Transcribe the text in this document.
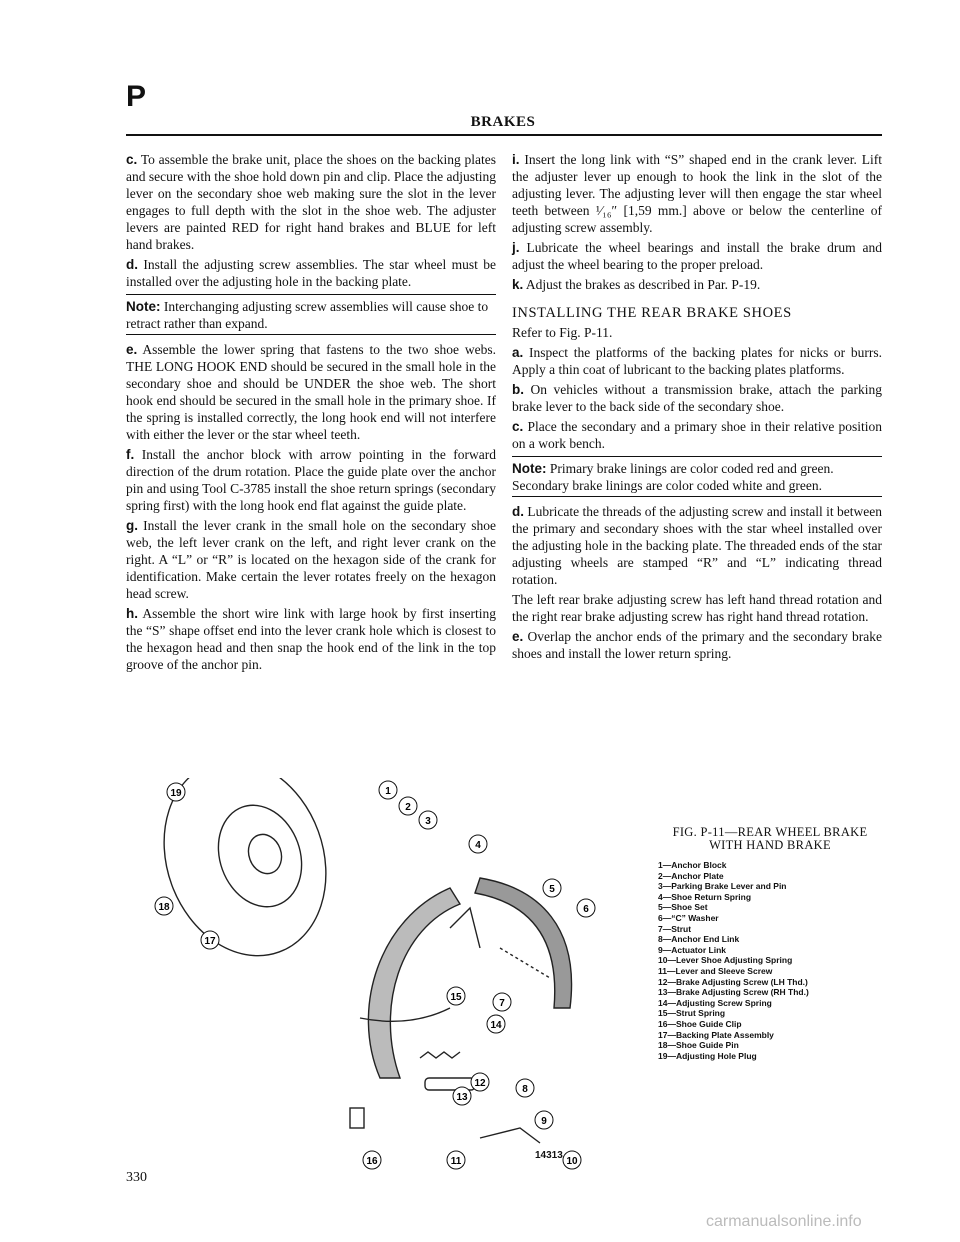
P
BRAKES

c. To assemble the brake unit, place the shoes on the backing plates and secure with the shoe hold down pin and clip. Place the adjusting lever on the secondary shoe web making sure the slot in the lever engages to full depth with the slot in the shoe web. The adjuster levers are painted RED for right hand brakes and BLUE for left hand brakes.

d. Install the adjusting screw assemblies. The star wheel must be installed over the adjusting hole in the backing plate.

Note: Interchanging adjusting screw assemblies will cause shoe to retract rather than expand.

e. Assemble the lower spring that fastens to the two shoe webs. THE LONG HOOK END should be secured in the small hole in the secondary shoe and should be UNDER the shoe web. The short hook end should be secured in the small hole in the primary shoe. If the spring is installed correctly, the long hook end will not interfere with either the lever or the star wheel teeth.

f. Install the anchor block with arrow pointing in the forward direction of the drum rotation. Place the guide plate over the anchor pin and using Tool C-3785 install the shoe return springs (secondary spring first) with the long hook end flat against the guide plate.

g. Install the lever crank in the small hole on the secondary shoe web, the left lever crank on the left, and right lever crank on the right. A “L” or “R” is located on the hexagon side of the crank for identification. Make certain the lever rotates freely on the hexagon head screw.

h. Assemble the short wire link with large hook by first inserting the “S” shape offset end into the lever crank hole which is closest to the hexagon head and then snap the hook end of the link in the top groove of the anchor pin.

i. Insert the long link with “S” shaped end in the crank lever. Lift the adjuster lever up enough to hook the link in the slot of the adjusting lever. The adjusting lever will then engage the star wheel teeth between ¹⁄₁₆″ [1,59 mm.] above or below the centerline of adjusting screw assembly.

j. Lubricate the wheel bearings and install the brake drum and adjust the wheel bearing to the proper preload.

k. Adjust the brakes as described in Par. P-19.

INSTALLING THE REAR BRAKE SHOES

Refer to Fig. P-11.

a. Inspect the platforms of the backing plates for nicks or burrs. Apply a thin coat of lubricant to the backing plates platforms.

b. On vehicles without a transmission brake, attach the parking brake lever to the back side of the secondary shoe.

c. Place the secondary and a primary shoe in their relative position on a work bench.

Note: Primary brake linings are color coded red and green. Secondary brake linings are color coded white and green.

d. Lubricate the threads of the adjusting screw and install it between the primary and secondary shoes with the star wheel installed over the adjusting hole in the backing plate. The threaded ends of the star adjusting wheels are stamped “R” and “L” indicating thread rotation.

The left rear brake adjusting screw has left hand thread rotation and the right rear brake adjusting screw has right hand thread rotation.

e. Overlap the anchor ends of the primary and the secondary brake shoes and install the lower return spring.

1
2
3
4
5
6
7
8
9
10
11
12
13
14
15
16
17
18
19
FIG. P-11—REAR WHEEL BRAKE
WITH HAND BRAKE
1—Anchor Block
2—Anchor Plate
3—Parking Brake Lever and Pin
4—Shoe Return Spring
5—Shoe Set
6—“C” Washer
7—Strut
8—Anchor End Link
9—Actuator Link
10—Lever Shoe Adjusting Spring
11—Lever and Sleeve Screw
12—Brake Adjusting Screw (LH Thd.)
13—Brake Adjusting Screw (RH Thd.)
14—Adjusting Screw Spring
15—Strut Spring
16—Shoe Guide Clip
17—Backing Plate Assembly
18—Shoe Guide Pin
19—Adjusting Hole Plug
14313
330
carmanualsonline.info
